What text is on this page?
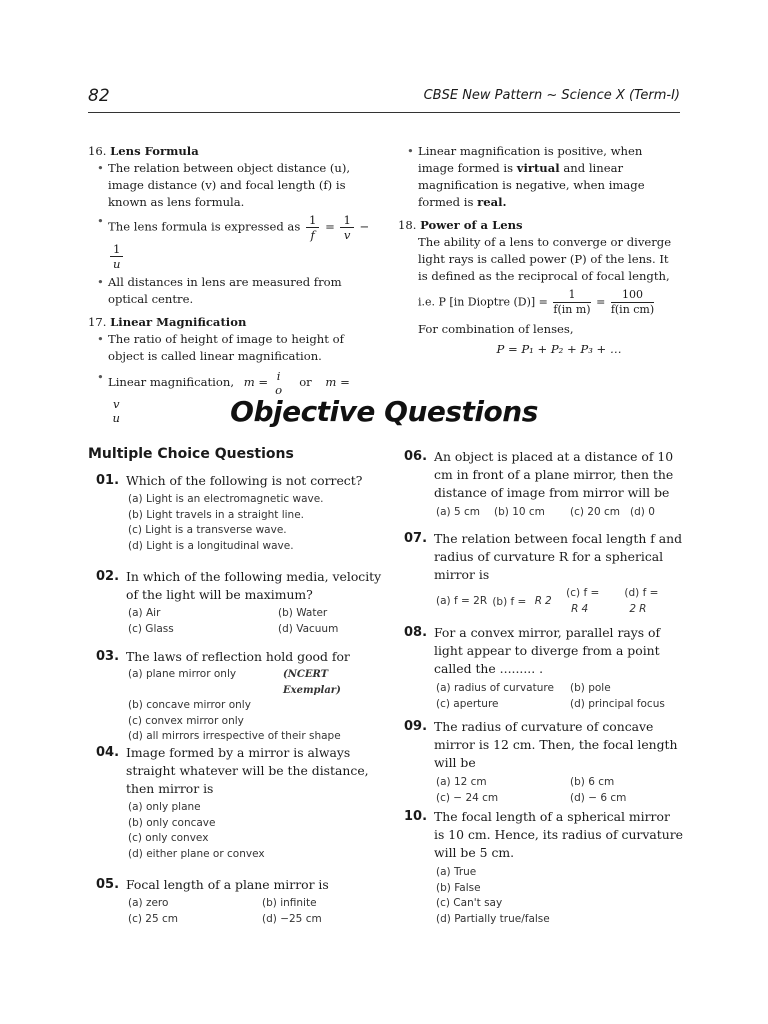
82	CBSE New Pattern ~ Science X (Term-I)
16. Lens Formula
• The relation between object distance (u), image distance (v) and focal length (f) is known as lens formula.
• The lens formula is expressed as $\frac{1}{f} = \frac{1}{v}$ −
$\frac{1}{u}$
• All distances in lens are measured from optical centre.
17. Linear Magnification
• The ratio of height of image to height of object is called linear magnification.
• Linear magnification, m = i
o
or m =
v
u
• Linear magnification is positive, when image formed is virtual and linear magnification is negative, when image formed is real.
18. Power of a Lens
The ability of a lens to converge or diverge light rays is called power (P) of the lens. It is defined as the reciprocal of focal length,
i.e. P [in Dioptre $(D)] = \frac{1}{\text{f(in m)}} = \frac{100}{\text{f(in cm)}}$
For combination of lenses,
P = P₁ + P₂ + P₃ + …
Objective Questions
Multiple Choice Questions
01. Which of the following is not correct?
(a) Light is an electromagnetic wave.
(b) Light travels in a straight line.
(c) Light is a transverse wave.
(d) Light is a longitudinal wave.
02. In which of the following media, velocity of the light will be maximum?
(a) Air	(b) Water
(c) Glass	(d) Vacuum
03. The laws of reflection hold good for
(a) plane mirror only	(NCERT Exemplar)
(b) concave mirror only
(c) convex mirror only
(d) all mirrors irrespective of their shape
04. Image formed by a mirror is always straight whatever will be the distance, then mirror is
(a) only plane
(b) only concave
(c) only convex
(d) either plane or convex
05. Focal length of a plane mirror is
(a) zero	(b) infinite
(c) 25 cm	(d) −25 cm
06. An object is placed at a distance of 10 cm in front of a plane mirror, then the distance of image from mirror will be
(a) 5 cm	(b) 10 cm	(c) 20 cm (d) 0
07. The relation between focal length f and radius of curvature R for a spherical mirror is
(a) f = 2R (b) f = R 2
(c) f = R 4
(d) f = 2 R
08. For a convex mirror, parallel rays of light appear to diverge from a point called the ......... .
(a) radius of curvature	(b) pole
(c) aperture	(d) principal focus
09. The radius of curvature of concave mirror is 12 cm. Then, the focal length will be
(a) 12 cm	(b) 6 cm
(c) − 24 cm	(d) − 6 cm
10. The focal length of a spherical mirror is 10 cm. Hence, its radius of curvature will be 5 cm.
(a) True
(b) False
(c) Can't say
(d) Partially true/false
